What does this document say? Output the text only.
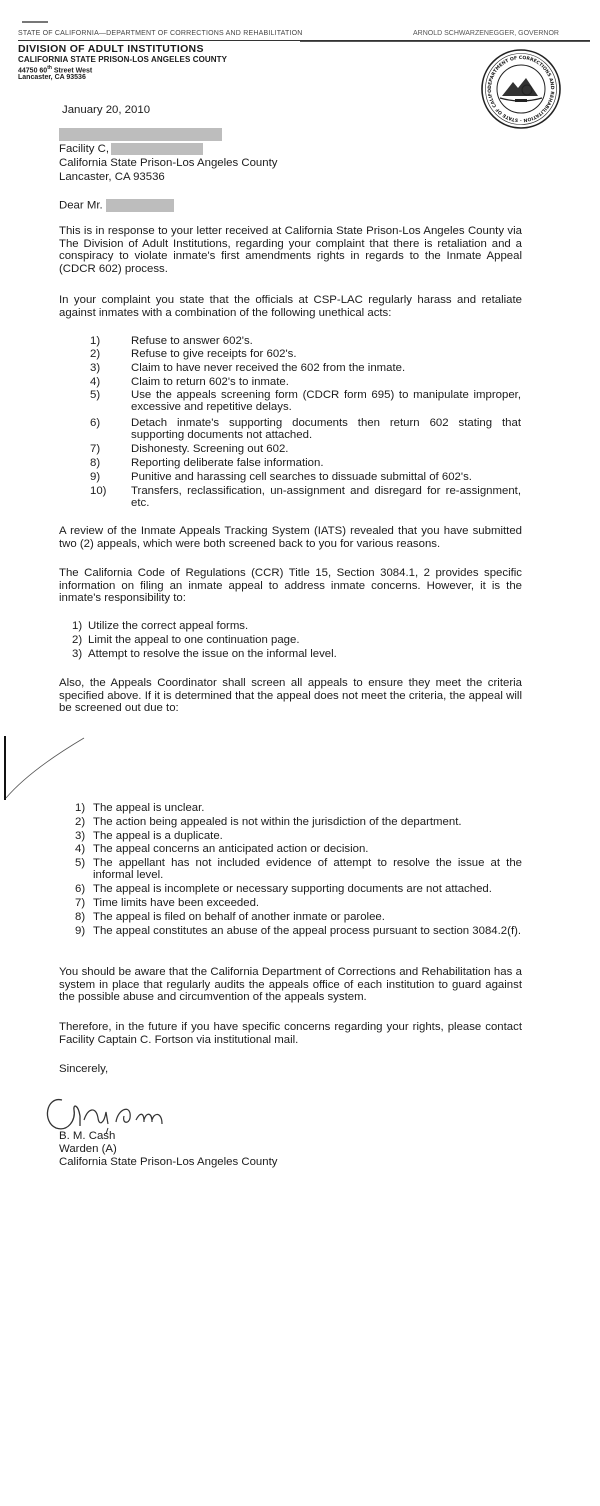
STATE OF CALIFORNIA—DEPARTMENT OF CORRECTIONS AND REHABILITATION	ARNOLD SCHWARZENEGGER, GOVERNOR
DIVISION OF ADULT INSTITUTIONS
CALIFORNIA STATE PRISON-LOS ANGELES COUNTY
44750 60th Street West
Lancaster, CA 93536
DEPARTMENT OF CORRECTIONS AND REHABILITATION · STATE OF CALIFO
January 20, 2010
Facility C,
California State Prison-Los Angeles County
Lancaster, CA 93536
Dear Mr.
This is in response to your letter received at California State Prison-Los Angeles County via The Division of Adult Institutions, regarding your complaint that there is retaliation and a conspiracy to violate inmate's first amendments rights in regards to the Inmate Appeal (CDCR 602) process.
In your complaint you state that the officials at CSP-LAC regularly harass and retaliate against inmates with a combination of the following unethical acts:
1)	Refuse to answer 602's.
2)	Refuse to give receipts for 602's.
3)	Claim to have never received the 602 from the inmate.
4)	Claim to return 602's to inmate.
5)	Use the appeals screening form (CDCR form 695) to manipulate improper, excessive and repetitive delays.
6)	Detach inmate's supporting documents then return 602 stating that supporting documents not attached.
7)	Dishonesty. Screening out 602.
8)	Reporting deliberate false information.
9)	Punitive and harassing cell searches to dissuade submittal of 602's.
10)	Transfers, reclassification, un-assignment and disregard for re-assignment, etc.
A review of the Inmate Appeals Tracking System (IATS) revealed that you have submitted two (2) appeals, which were both screened back to you for various reasons.
The California Code of Regulations (CCR) Title 15, Section 3084.1, 2 provides specific information on filing an inmate appeal to address inmate concerns. However, it is the inmate's responsibility to:
1) Utilize the correct appeal forms.
2) Limit the appeal to one continuation page.
3) Attempt to resolve the issue on the informal level.
Also, the Appeals Coordinator shall screen all appeals to ensure they meet the criteria specified above. If it is determined that the appeal does not meet the criteria, the appeal will be screened out due to:
1) The appeal is unclear.
2) The action being appealed is not within the jurisdiction of the department.
3) The appeal is a duplicate.
4) The appeal concerns an anticipated action or decision.
5) The appellant has not included evidence of attempt to resolve the issue at the informal level.
6) The appeal is incomplete or necessary supporting documents are not attached.
7) Time limits have been exceeded.
8) The appeal is filed on behalf of another inmate or parolee.
9) The appeal constitutes an abuse of the appeal process pursuant to section 3084.2(f).
You should be aware that the California Department of Corrections and Rehabilitation has a system in place that regularly audits the appeals office of each institution to guard against the possible abuse and circumvention of the appeals system.
Therefore, in the future if you have specific concerns regarding your rights, please contact Facility Captain C. Fortson via institutional mail.
Sincerely,
B. M. Cash
Warden (A)
California State Prison-Los Angeles County
